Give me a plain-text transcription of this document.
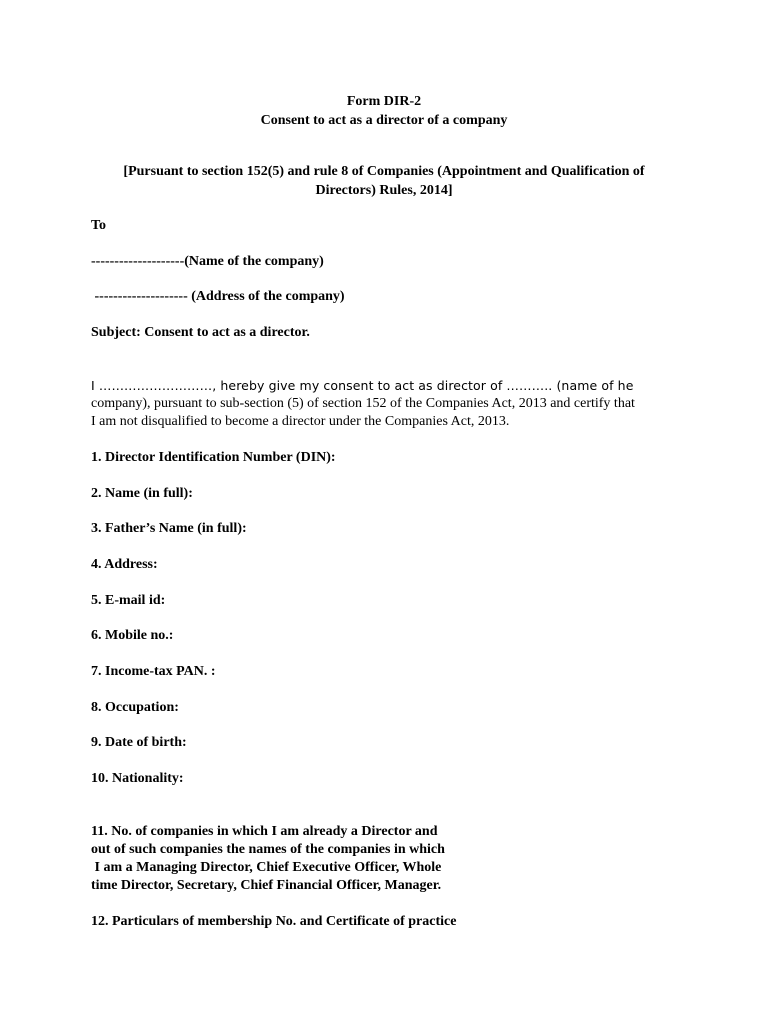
Form DIR-2
Consent to act as a director of a company
[Pursuant to section 152(5) and rule 8 of Companies (Appointment and Qualification of
Directors) Rules, 2014]
To
--------------------(Name of the company)
-------------------- (Address of the company)
Subject: Consent to act as a director.
I ………………………, hereby give my consent to act as director of ……….. (name of he
company), pursuant to sub-section (5) of section 152 of the Companies Act, 2013 and certify that
I am not disqualified to become a director under the Companies Act, 2013.
1. Director Identification Number (DIN):
2. Name (in full):
3. Father’s Name (in full):
4. Address:
5. E-mail id:
6. Mobile no.:
7. Income-tax PAN. :
8. Occupation:
9. Date of birth:
10. Nationality:
11. No. of companies in which I am already a Director and
out of such companies the names of the companies in which
I am a Managing Director, Chief Executive Officer, Whole
time Director, Secretary, Chief Financial Officer, Manager.
12. Particulars of membership No. and Certificate of practice
